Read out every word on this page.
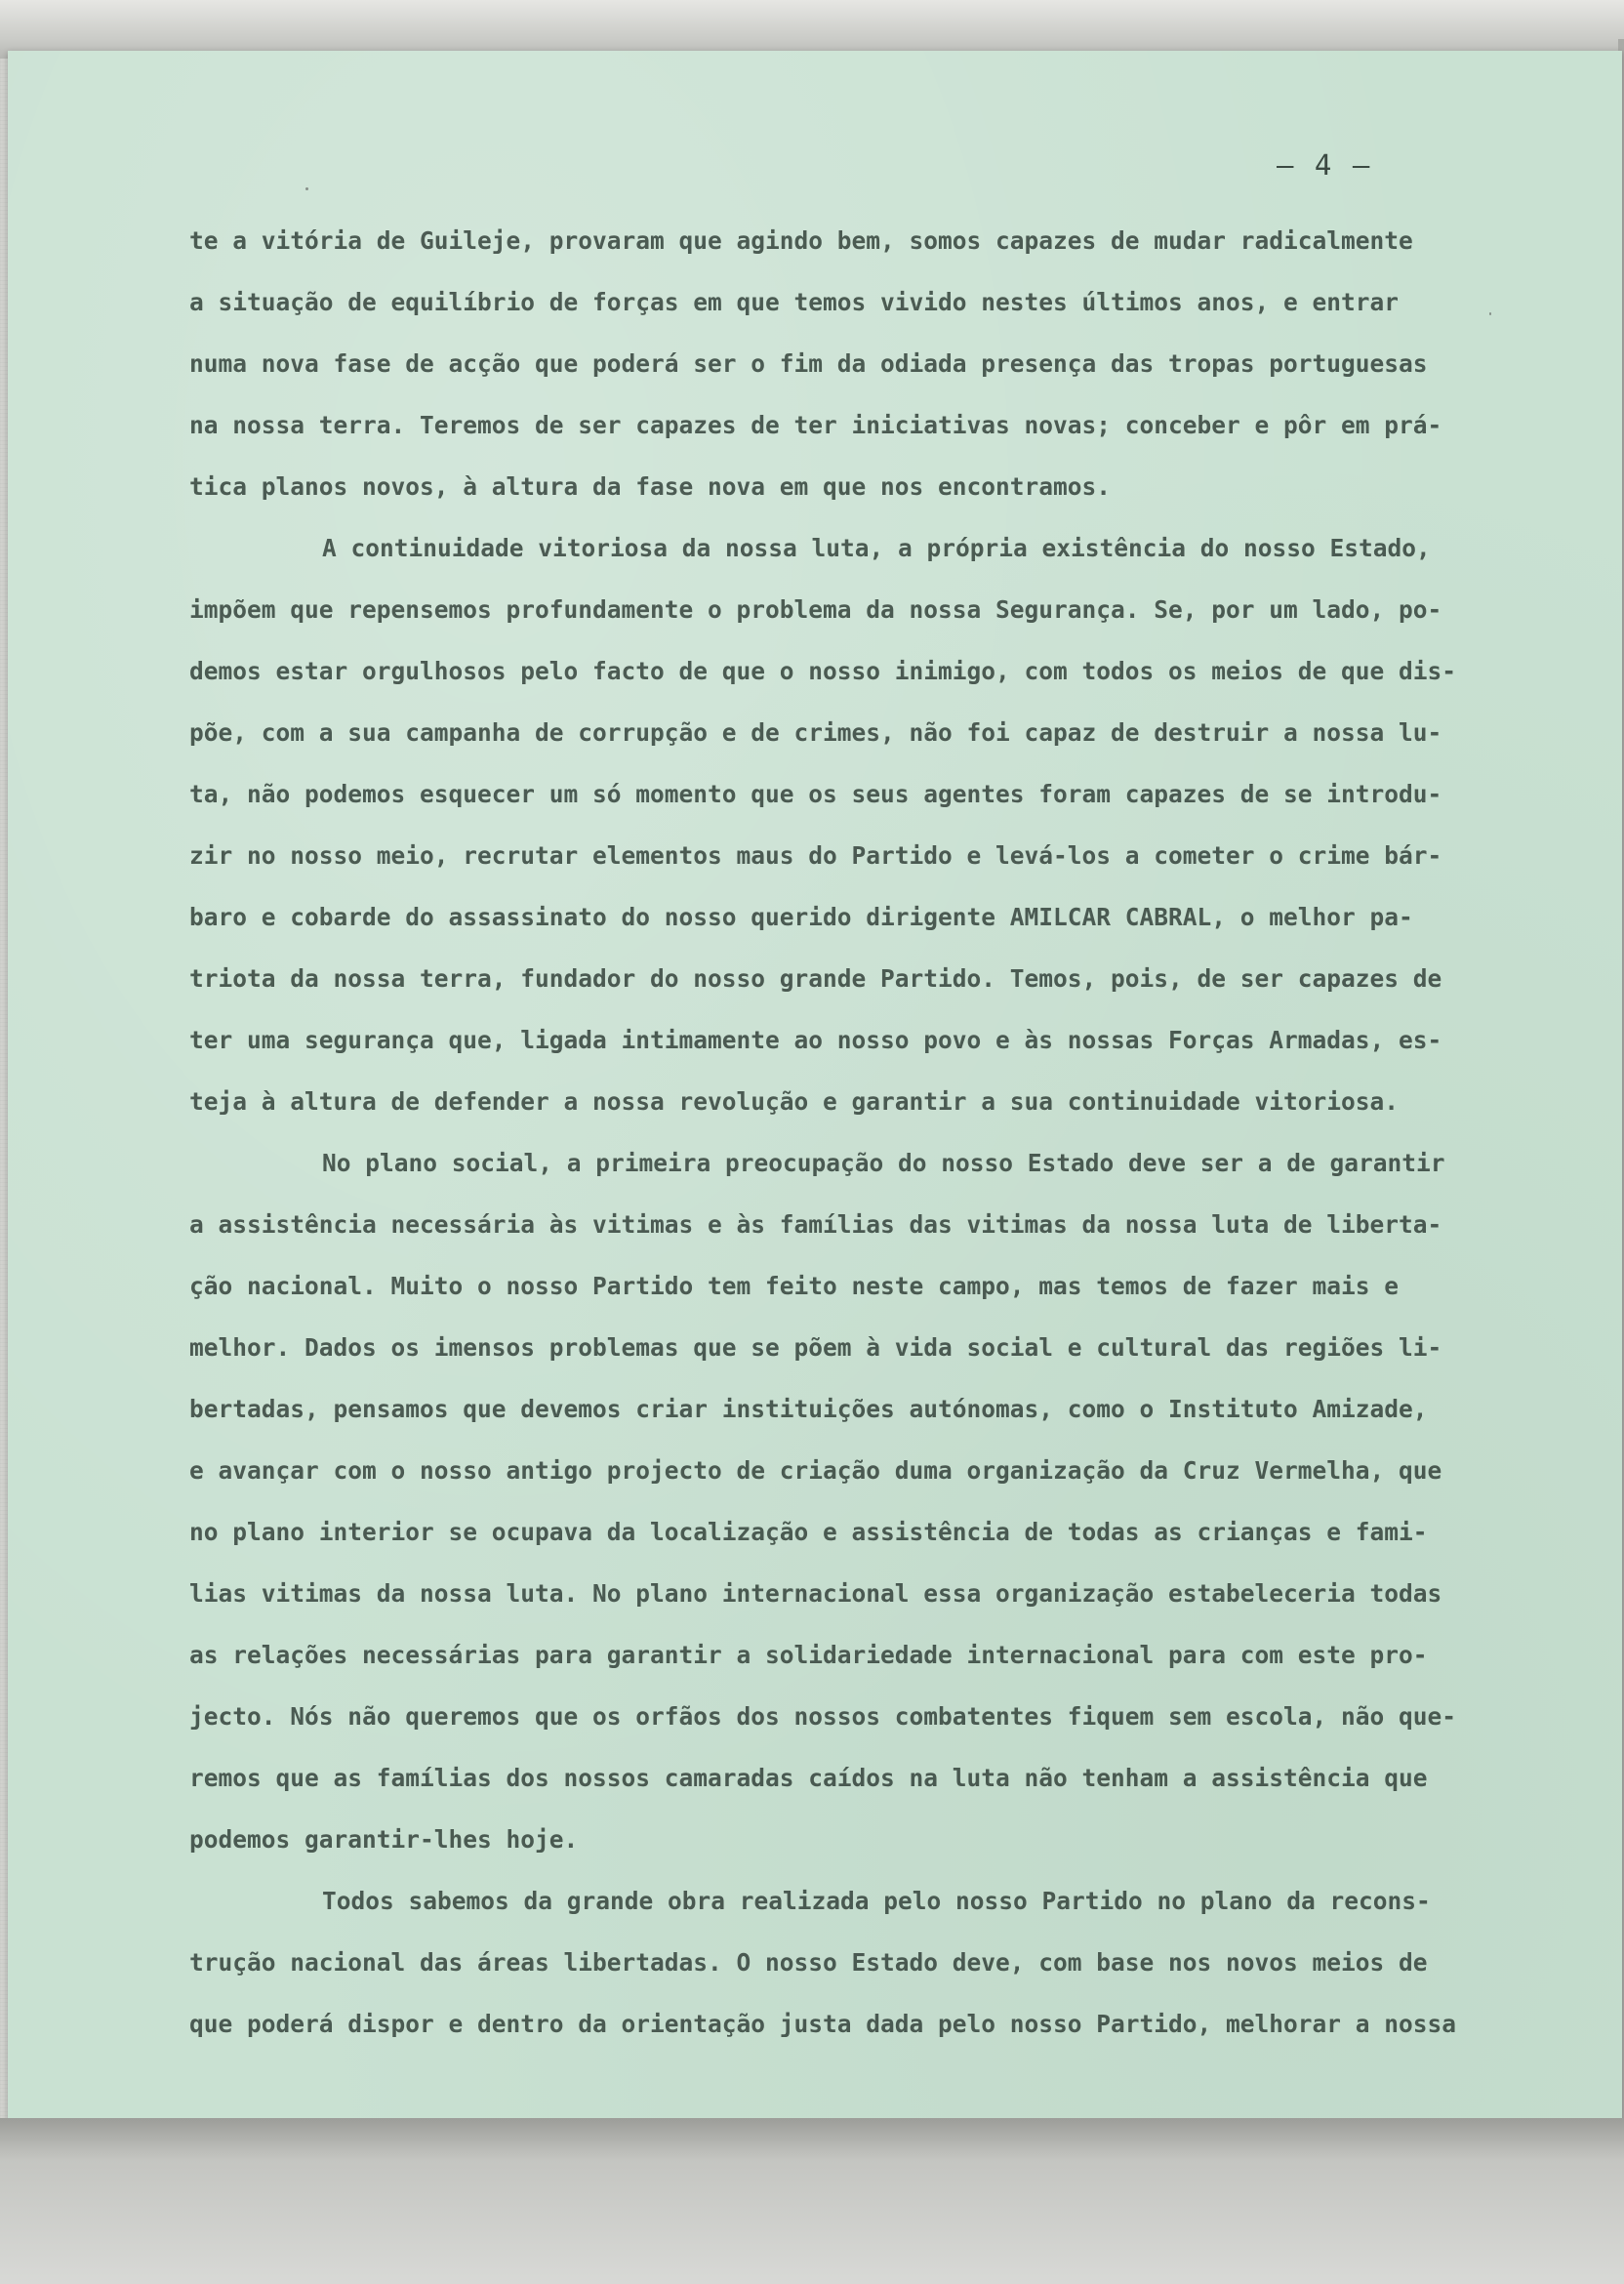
– 4 –

te a vitória de Guileje, provaram que agindo bem, somos capazes de mudar radicalmente
a situação de equilíbrio de forças em que temos vivido nestes últimos anos, e entrar
numa nova fase de acção que poderá ser o fim da odiada presença das tropas portuguesas
na nossa terra. Teremos de ser capazes de ter iniciativas novas; conceber e pôr em prá-
tica planos novos, à altura da fase nova em que nos encontramos.
A continuidade vitoriosa da nossa luta, a própria existência do nosso Estado,
impõem que repensemos profundamente o problema da nossa Segurança. Se, por um lado, po-
demos estar orgulhosos pelo facto de que o nosso inimigo, com todos os meios de que dis-
põe, com a sua campanha de corrupção e de crimes, não foi capaz de destruir a nossa lu-
ta, não podemos esquecer um só momento que os seus agentes foram capazes de se introdu-
zir no nosso meio, recrutar elementos maus do Partido e levá-los a cometer o crime bár-
baro e cobarde do assassinato do nosso querido dirigente AMILCAR CABRAL, o melhor pa-
triota da nossa terra, fundador do nosso grande Partido. Temos, pois, de ser capazes de
ter uma segurança que, ligada intimamente ao nosso povo e às nossas Forças Armadas, es-
teja à altura de defender a nossa revolução e garantir a sua continuidade vitoriosa.
No plano social, a primeira preocupação do nosso Estado deve ser a de garantir
a assistência necessária às vitimas e às famílias das vitimas da nossa luta de liberta-
ção nacional. Muito o nosso Partido tem feito neste campo, mas temos de fazer mais e
melhor. Dados os imensos problemas que se põem à vida social e cultural das regiões li-
bertadas, pensamos que devemos criar instituições autónomas, como o Instituto Amizade,
e avançar com o nosso antigo projecto de criação duma organização da Cruz Vermelha, que
no plano interior se ocupava da localização e assistência de todas as crianças e fami-
lias vitimas da nossa luta. No plano internacional essa organização estabeleceria todas
as relações necessárias para garantir a solidariedade internacional para com este pro-
jecto. Nós não queremos que os orfãos dos nossos combatentes fiquem sem escola, não que-
remos que as famílias dos nossos camaradas caídos na luta não tenham a assistência que
podemos garantir-lhes hoje.
Todos sabemos da grande obra realizada pelo nosso Partido no plano da recons-
trução nacional das áreas libertadas. O nosso Estado deve, com base nos novos meios de
que poderá dispor e dentro da orientação justa dada pelo nosso Partido, melhorar a nossa
